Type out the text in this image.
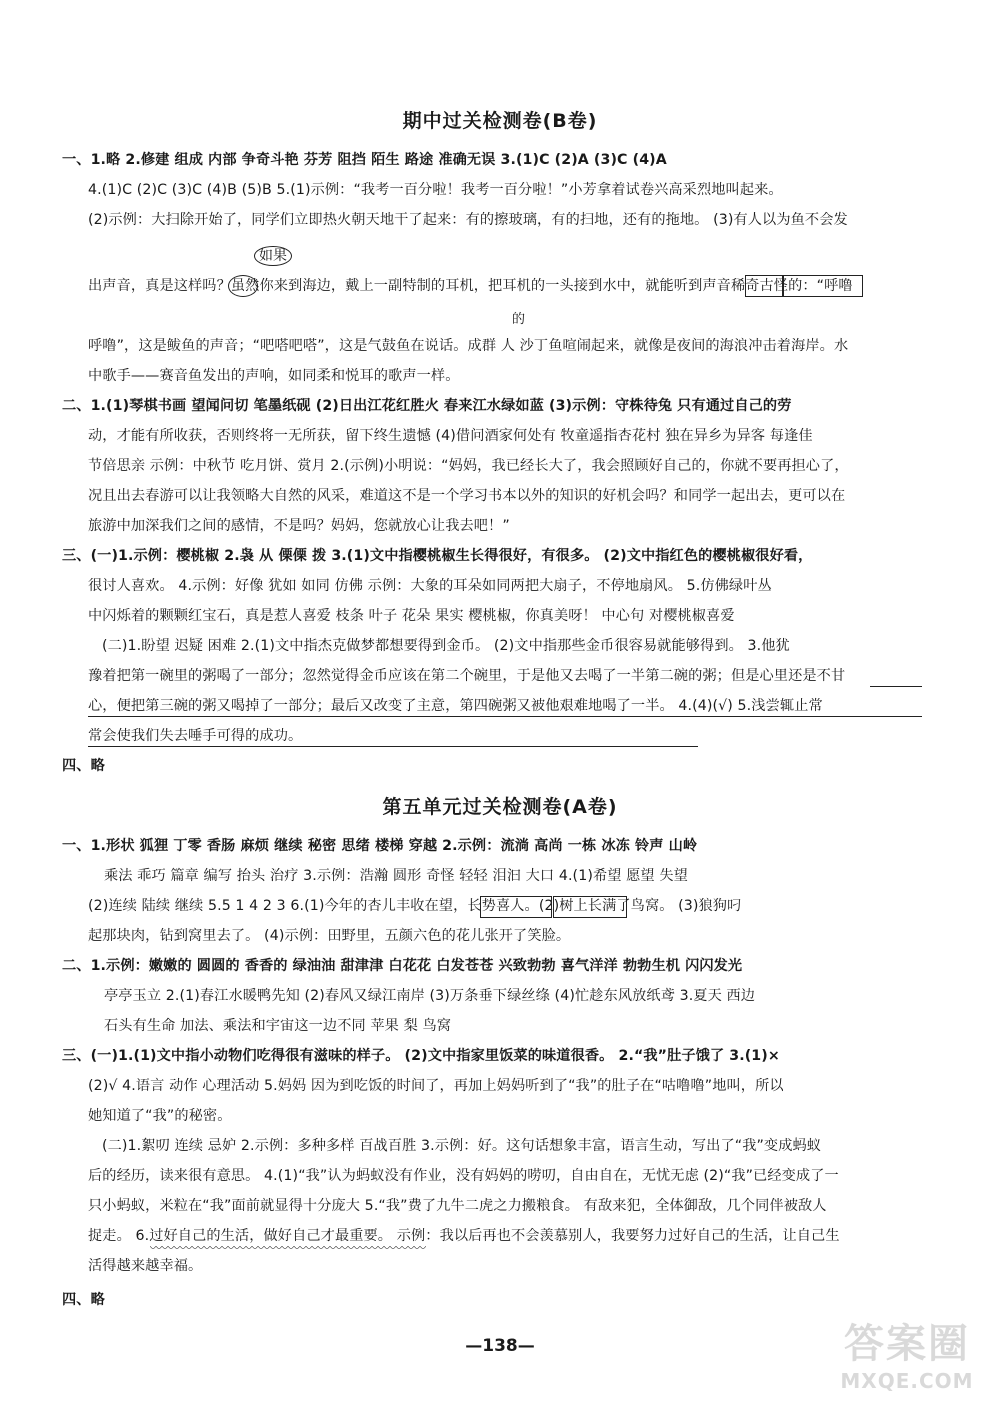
期中过关检测卷(B卷)
一、1.略 2.修建 组成 内部 争奇斗艳 芬芳 阻挡 陌生 路途 准确无误 3.(1)C (2)A (3)C (4)A
4.(1)C (2)C (3)C (4)B (5)B 5.(1)示例：“我考一百分啦！我考一百分啦！”小芳拿着试卷兴高采烈地叫起来。
(2)示例：大扫除开始了，同学们立即热火朝天地干了起来：有的擦玻璃，有的扫地，还有的拖地。 (3)有人以为鱼不会发
如果
出声音，真是这样吗？虽然你来到海边，戴上一副特制的耳机，把耳机的一头接到水中，就能听到声音稀奇古怪的：“呼噜
的
呼噜”，这是鲅鱼的声音；“吧嗒吧嗒”，这是气鼓鱼在说话。成群 人 沙丁鱼喧闹起来，就像是夜间的海浪冲击着海岸。水
中歌手——赛音鱼发出的声响，如同柔和悦耳的歌声一样。
二、1.(1)琴棋书画 望闻问切 笔墨纸砚 (2)日出江花红胜火 春来江水绿如蓝 (3)示例：守株待兔 只有通过自己的劳
动，才能有所收获，否则终将一无所获，留下终生遗憾 (4)借问酒家何处有 牧童遥指杏花村 独在异乡为异客 每逢佳
节倍思亲 示例：中秋节 吃月饼、赏月 2.(示例)小明说：“妈妈，我已经长大了，我会照顾好自己的，你就不要再担心了，
况且出去春游可以让我领略大自然的风采，难道这不是一个学习书本以外的知识的好机会吗？和同学一起出去，更可以在
旅游中加深我们之间的感情，不是吗？妈妈，您就放心让我去吧！”
三、(一)1.示例：樱桃椒 2.袅 从 傈傈 拨 3.(1)文中指樱桃椒生长得很好，有很多。 (2)文中指红色的樱桃椒很好看，
很讨人喜欢。 4.示例：好像 犹如 如同 仿佛 示例：大象的耳朵如同两把大扇子，不停地扇风。 5.仿佛绿叶丛
中闪烁着的颗颗红宝石，真是惹人喜爱 枝条 叶子 花朵 果实 樱桃椒，你真美呀！ 中心句 对樱桃椒喜爱
(二)1.盼望 迟疑 困难 2.(1)文中指杰克做梦都想要得到金币。 (2)文中指那些金币很容易就能够得到。 3.他犹
豫着把第一碗里的粥喝了一部分；忽然觉得金币应该在第二个碗里，于是他又去喝了一半第二碗的粥；但是心里还是不甘
心，便把第三碗的粥又喝掉了一部分；最后又改变了主意，第四碗粥又被他艰难地喝了一半。 4.(4)(√) 5.浅尝辄止常
常会使我们失去唾手可得的成功。
四、略
第五单元过关检测卷(A卷)
一、1.形状 狐狸 丁零 香肠 麻烦 继续 秘密 思绪 楼梯 穿越 2.示例：流淌 高尚 一栋 冰冻 铃声 山岭
乘法 乖巧 篇章 编写 抬头 治疗 3.示例：浩瀚 圆形 奇怪 轻轻 泪汩 大口 4.(1)希望 愿望 失望
(2)连续 陆续 继续 5.5 1 4 2 3 6.(1)今年的杏儿丰收在望，长势喜人。(2)树上长满了鸟窝。 (3)狼狗叼
起那块肉，钻到窝里去了。 (4)示例：田野里，五颜六色的花儿张开了笑脸。
二、1.示例：嫩嫩的 圆圆的 香香的 绿油油 甜津津 白花花 白发苍苍 兴致勃勃 喜气洋洋 勃勃生机 闪闪发光
亭亭玉立 2.(1)春江水暖鸭先知 (2)春风又绿江南岸 (3)万条垂下绿丝绦 (4)忙趁东风放纸鸢 3.夏天 西边
石头有生命 加法、乘法和宇宙这一边不同 苹果 梨 鸟窝
三、(一)1.(1)文中指小动物们吃得很有滋味的样子。 (2)文中指家里饭菜的味道很香。 2.“我”肚子饿了 3.(1)×
(2)√ 4.语言 动作 心理活动 5.妈妈 因为到吃饭的时间了，再加上妈妈听到了“我”的肚子在“咕噜噜”地叫，所以
她知道了“我”的秘密。
(二)1.絮叨 连续 忌妒 2.示例：多种多样 百战百胜 3.示例：好。这句话想象丰富，语言生动，写出了“我”变成蚂蚁
后的经历，读来很有意思。 4.(1)“我”认为蚂蚁没有作业，没有妈妈的唠叨，自由自在，无忧无虑 (2)“我”已经变成了一
只小蚂蚁，米粒在“我”面前就显得十分庞大 5.“我”费了九牛二虎之力搬粮食。 有敌来犯，全体御敌，几个同伴被敌人
捉走。 6.过好自己的生活，做好自己才最重要。 示例：我以后再也不会羡慕别人，我要努力过好自己的生活，让自己生
活得越来越幸福。
四、略
—138—	答案圈
MXQE.COM
